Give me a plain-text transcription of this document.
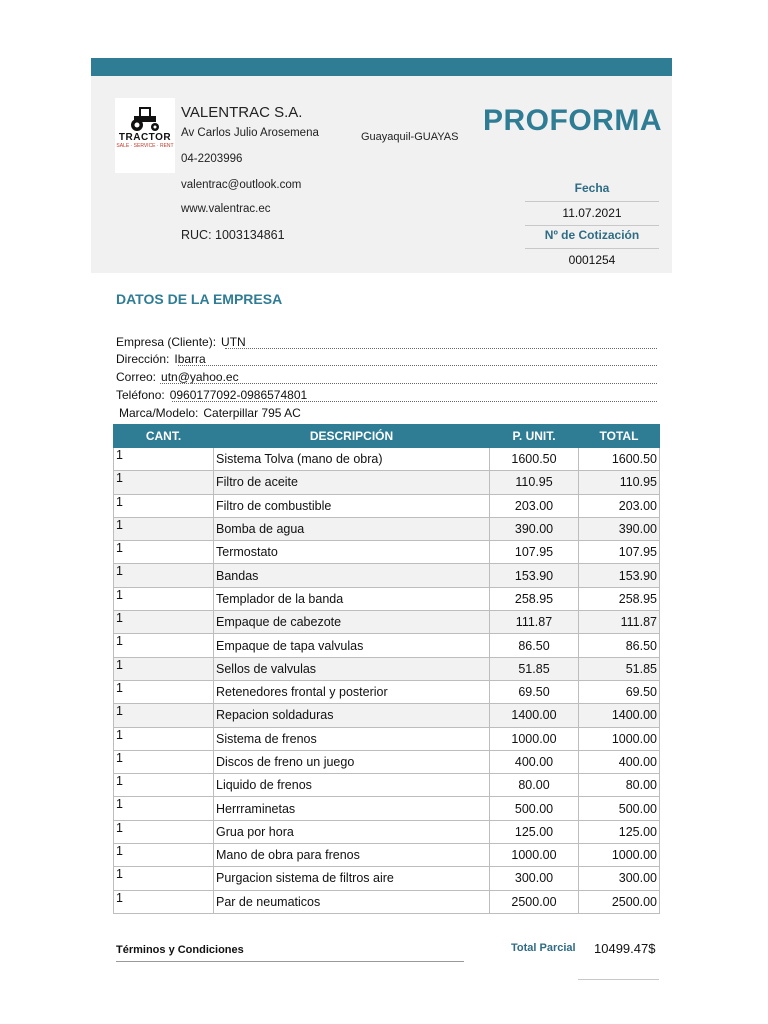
TRACTOR
SALE · SERVICE · RENT
VALENTRAC S.A.
Av Carlos Julio Arosemena
04-2203996
valentrac@outlook.com
www.valentrac.ec
RUC: 1003134861
Guayaquil-GUAYAS PROFORMA
Fecha
11.07.2021
Nº de Cotización
0001254
DATOS DE LA EMPRESA
Empresa (Cliente): UTN
Dirección: Ibarra
Correo: utn@yahoo.ec
Teléfono: 0960177092-0986574801
Marca/Modelo: Caterpillar 795 AC
CANT.	DESCRIPCIÓN	P. UNIT.	TOTAL
1	Sistema Tolva (mano de obra)	1600.50	1600.50
1	Filtro de aceite	110.95	110.95
1	Filtro de combustible	203.00	203.00
1	Bomba de agua	390.00	390.00
1	Termostato	107.95	107.95
1	Bandas	153.90	153.90
1	Templador de la banda	258.95	258.95
1	Empaque de cabezote	111.87	111.87
1	Empaque de tapa valvulas	86.50	86.50
1	Sellos de valvulas	51.85	51.85
1	Retenedores frontal y posterior	69.50	69.50
1	Repacion soldaduras	1400.00	1400.00
1	Sistema de frenos	1000.00	1000.00
1	Discos de freno un juego	400.00	400.00
1	Liquido de frenos	80.00	80.00
1	Herrraminetas	500.00	500.00
1	Grua por hora	125.00	125.00
1	Mano de obra para frenos	1000.00	1000.00
1	Purgacion sistema de filtros aire	300.00	300.00
1	Par de neumaticos	2500.00	2500.00
Términos y Condiciones	Total Parcial 10499.47$
